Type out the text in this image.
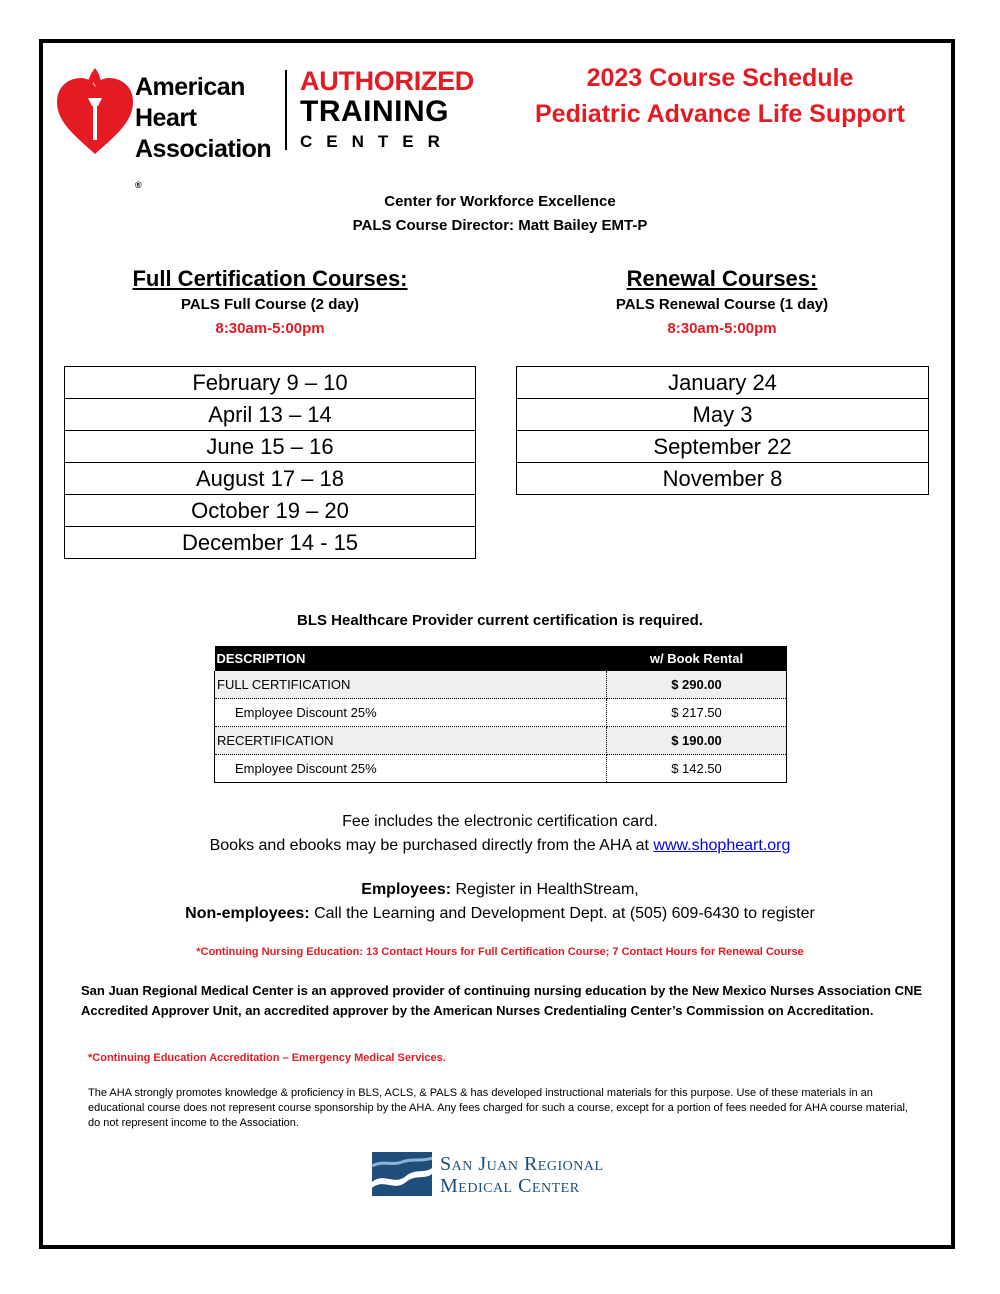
American
Heart
Association
®
AUTHORIZED
TRAINING
CENTER
2023 Course Schedule
Pediatric Advance Life Support
Center for Workforce Excellence
PALS Course Director: Matt Bailey EMT-P
Full Certification Courses:
PALS Full Course (2 day)
8:30am-5:00pm
Renewal Courses:
PALS Renewal Course (1 day)
8:30am-5:00pm
February 9 – 10
April 13 – 14
June 15 – 16
August 17 – 18
October 19 – 20
December 14 - 15
January 24
May 3
September 22
November 8
BLS Healthcare Provider current certification is required.
DESCRIPTION	w/ Book Rental
FULL CERTIFICATION	$ 290.00
Employee Discount 25%	$ 217.50
RECERTIFICATION	$ 190.00
Employee Discount 25%	$ 142.50
Fee includes the electronic certification card.
Books and ebooks may be purchased directly from the AHA at www.shopheart.org
Employees: Register in HealthStream,
Non-employees: Call the Learning and Development Dept. at (505) 609-6430 to register
*Continuing Nursing Education: 13 Contact Hours for Full Certification Course; 7 Contact Hours for Renewal Course
San Juan Regional Medical Center is an approved provider of continuing nursing education by the New Mexico Nurses Association CNE Accredited Approver Unit, an accredited approver by the American Nurses Credentialing Center’s Commission on Accreditation.
*Continuing Education Accreditation – Emergency Medical Services.
The AHA strongly promotes knowledge & proficiency in BLS, ACLS, & PALS & has developed instructional materials for this purpose. Use of these materials in an educational course does not represent course sponsorship by the AHA. Any fees charged for such a course, except for a portion of fees needed for AHA course material, do not represent income to the Association.
San Juan Regional
Medical Center
